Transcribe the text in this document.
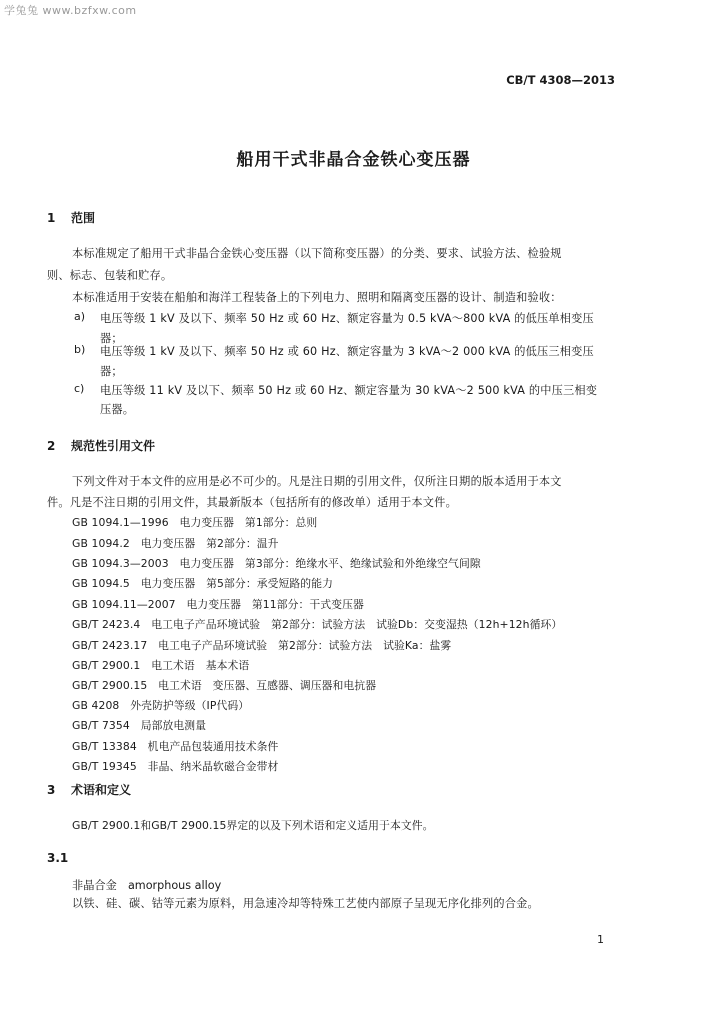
学兔兔 www.bzfxw.com
CB/T 4308—2013
船用干式非晶合金铁心变压器
1 范围
本标准规定了船用干式非晶合金铁心变压器（以下简称变压器）的分类、要求、试验方法、检验规
则、标志、包装和贮存。
本标准适用于安装在船舶和海洋工程装备上的下列电力、照明和隔离变压器的设计、制造和验收：
a) 电压等级 1 kV 及以下、频率 50 Hz 或 60 Hz、额定容量为 0.5 kVA～800 kVA 的低压单相变压
器；
b) 电压等级 1 kV 及以下、频率 50 Hz 或 60 Hz、额定容量为 3 kVA～2 000 kVA 的低压三相变压
器；
c) 电压等级 11 kV 及以下、频率 50 Hz 或 60 Hz、额定容量为 30 kVA～2 500 kVA 的中压三相变
压器。
2 规范性引用文件
下列文件对于本文件的应用是必不可少的。凡是注日期的引用文件，仅所注日期的版本适用于本文
件。凡是不注日期的引用文件，其最新版本（包括所有的修改单）适用于本文件。
GB 1094.1—1996　电力变压器　第1部分：总则
GB 1094.2　电力变压器　第2部分：温升
GB 1094.3—2003　电力变压器　第3部分：绝缘水平、绝缘试验和外绝缘空气间隙
GB 1094.5　电力变压器　第5部分：承受短路的能力
GB 1094.11—2007　电力变压器　第11部分：干式变压器
GB/T 2423.4　电工电子产品环境试验　第2部分：试验方法　试验Db：交变湿热（12h+12h循环）
GB/T 2423.17　电工电子产品环境试验　第2部分：试验方法　试验Ka：盐雾
GB/T 2900.1　电工术语　基本术语
GB/T 2900.15　电工术语　变压器、互感器、调压器和电抗器
GB 4208　外壳防护等级（IP代码）
GB/T 7354　局部放电测量
GB/T 13384　机电产品包装通用技术条件
GB/T 19345　非晶、纳米晶软磁合金带材
3 术语和定义
GB/T 2900.1和GB/T 2900.15界定的以及下列术语和定义适用于本文件。
3.1
非晶合金　amorphous alloy
以铁、硅、碳、钴等元素为原料，用急速冷却等特殊工艺使内部原子呈现无序化排列的合金。
1
